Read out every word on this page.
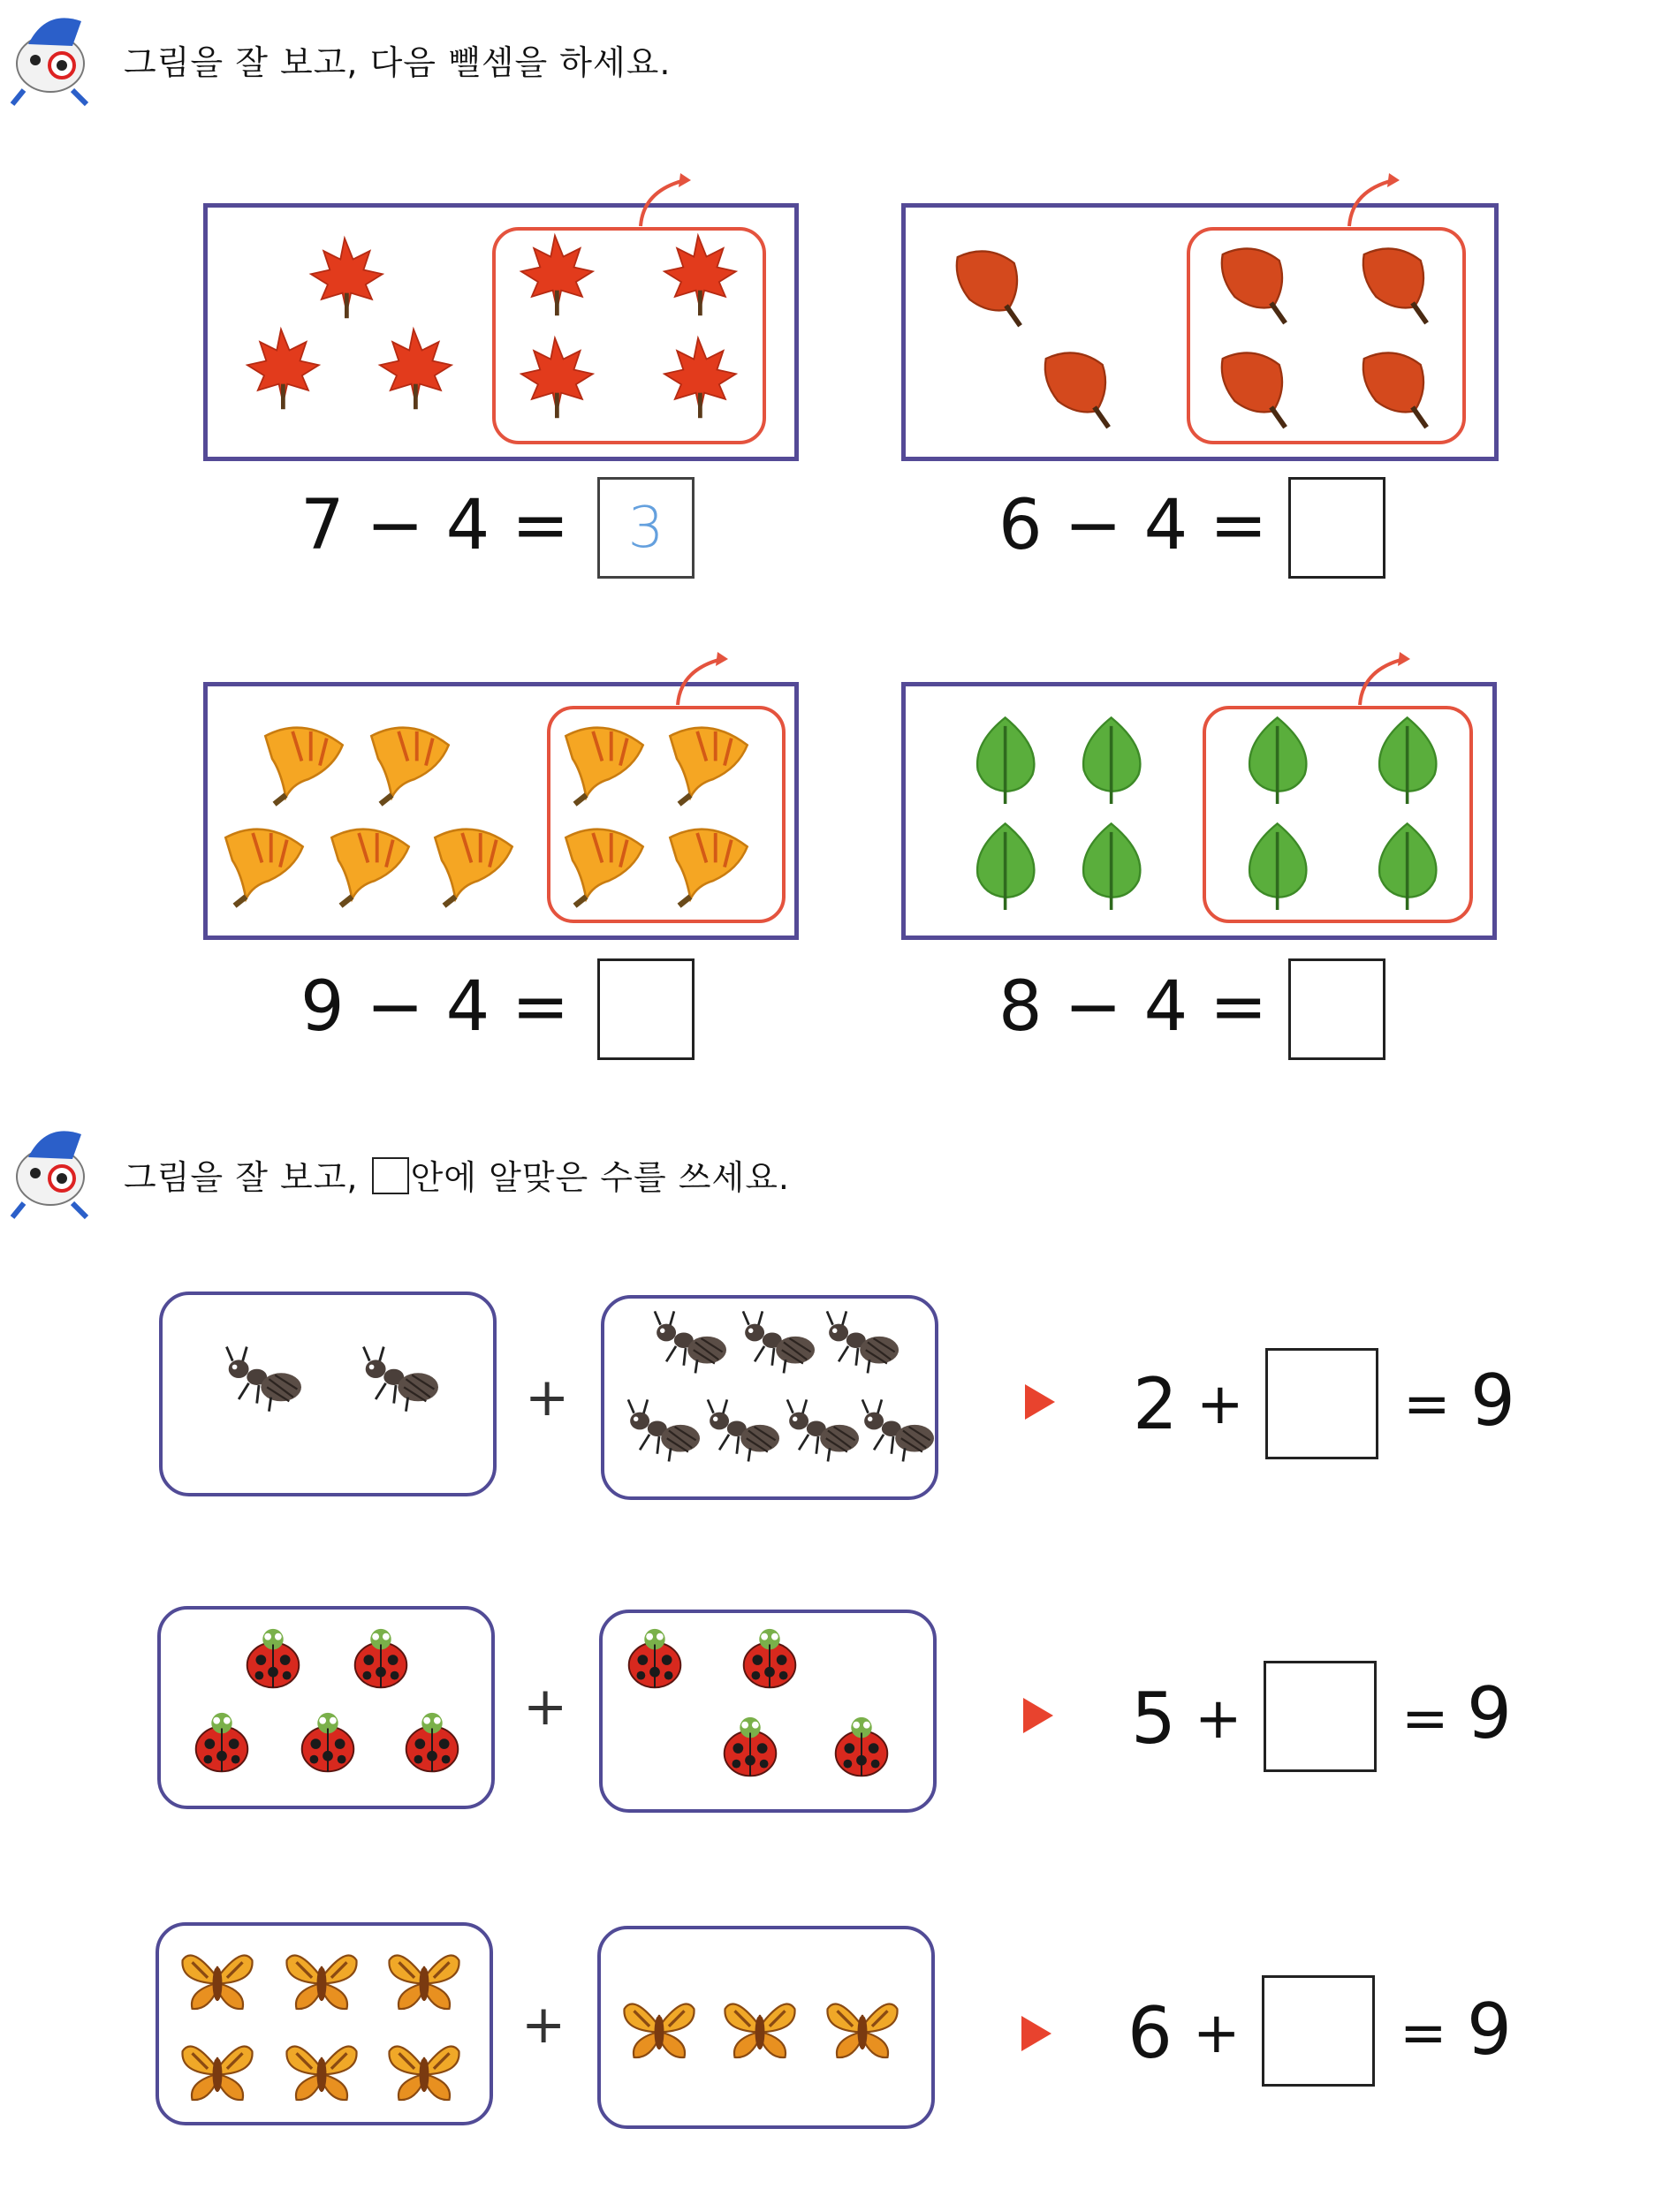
그림을 잘 보고, 다음 뺄셈을 하세요.
7 − 4 =	3	6 − 4 =
9 − 4 =	8 − 4 =
그림을 잘 보고, 안에 알맞은 수를 쓰세요.
+	2 +	= 9
+	5 +	= 9
+	6 +	= 9
